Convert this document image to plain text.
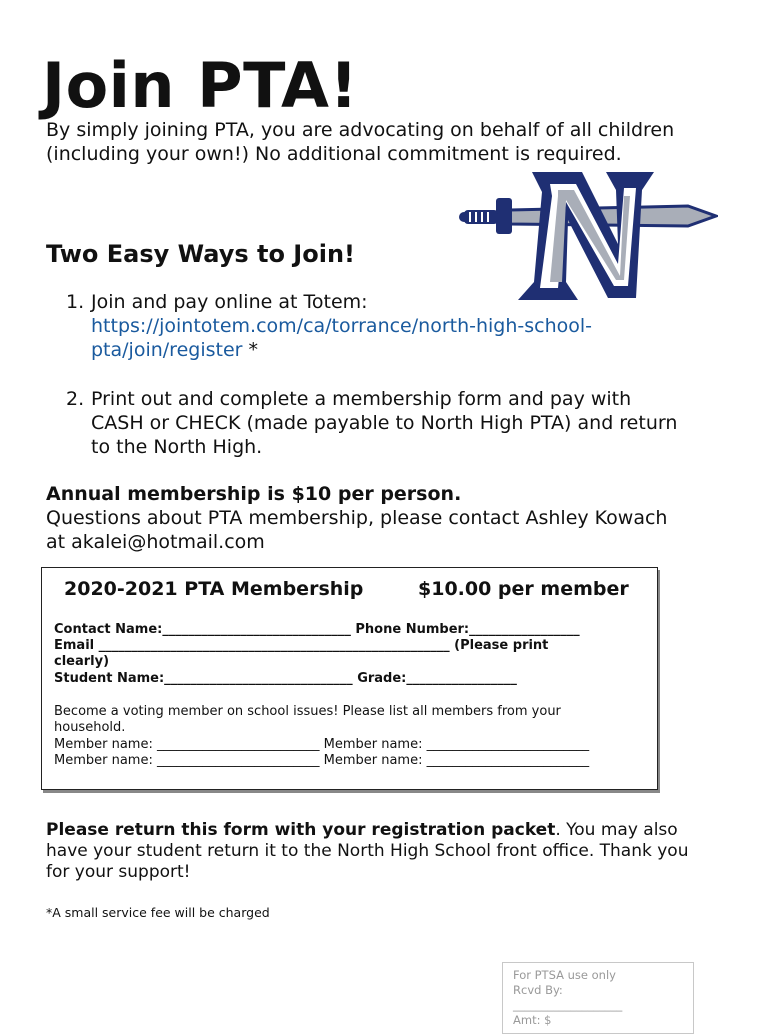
Join PTA!
By simply joining PTA, you are advocating on behalf of all children
(including your own!) No additional commitment is required.
Two Easy Ways to Join!
1. Join and pay online at Totem:
https://jointotem.com/ca/torrance/north-high-school-
pta/join/register *
2. Print out and complete a membership form and pay with
CASH or CHECK (made payable to North High PTA) and return
to the North High.
Annual membership is $10 per person.
Questions about PTA membership, please contact Ashley Kowach
at akalei@hotmail.com
2020-2021 PTA Membership	$10.00 per member
Contact Name:_____________________________ Phone Number:_________________
Email ______________________________________________________ (Please print
clearly)
Student Name:_____________________________ Grade:_________________
Become a voting member on school issues! Please list all members from your
household.
Member name: _________________________ Member name: _________________________
Member name: _________________________ Member name: _________________________
Please return this form with your registration packet. You may also
have your student return it to the North High School front office. Thank you
for your support!
*A small service fee will be charged
For PTSA use only
Rcvd By:
___________________
Amt: $
